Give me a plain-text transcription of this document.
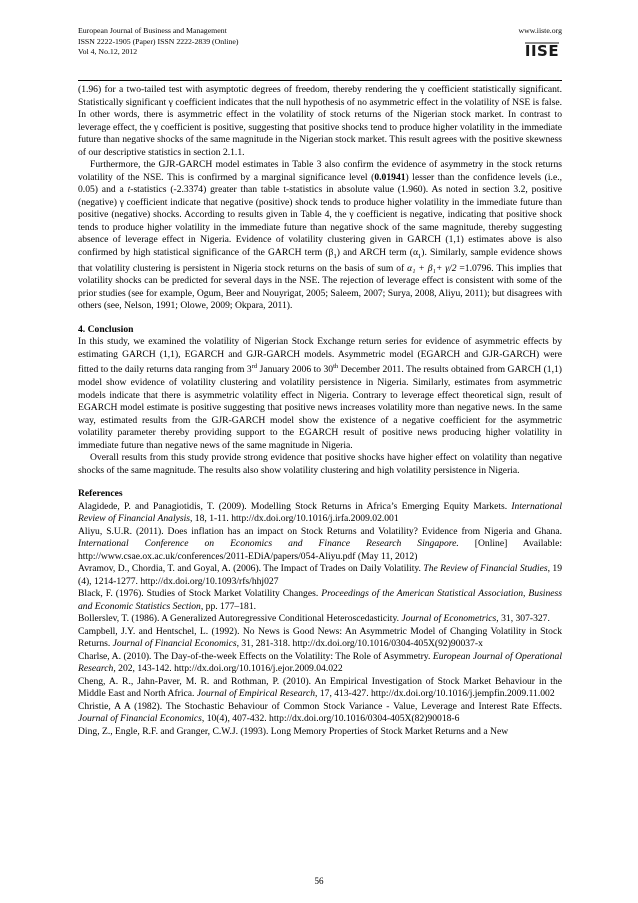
European Journal of Business and Management
ISSN 2222-1905 (Paper) ISSN 2222-2839 (Online)
Vol 4, No.12, 2012
www.iiste.org
IISE

(1.96) for a two-tailed test with asymptotic degrees of freedom, thereby rendering the γ coefficient statistically significant. Statistically significant γ coefficient indicates that the null hypothesis of no asymmetric effect in the volatility of NSE is false. In other words, there is asymmetric effect in the volatility of stock returns of the Nigerian stock market. In contrast to leverage effect, the γ coefficient is positive, suggesting that positive shocks tend to produce higher volatility in the immediate future than negative shocks of the same magnitude in the Nigerian stock market. This result agrees with the positive skewness of our descriptive statistics in section 2.1.1.

Furthermore, the GJR-GARCH model estimates in Table 3 also confirm the evidence of asymmetry in the stock returns volatility of the NSE. This is confirmed by a marginal significance level (0.01941) lesser than the confidence levels (i.e., 0.05) and a t-statistics (-2.3374) greater than table t-statistics in absolute value (1.960). As noted in section 3.2, positive (negative) γ coefficient indicate that negative (positive) shock tends to produce higher volatility in the immediate future than positive (negative) shocks. According to results given in Table 4, the γ coefficient is negative, indicating that positive shock tends to produce higher volatility in the immediate future than negative shock of the same magnitude, thereby suggesting absence of leverage effect in Nigeria. Evidence of volatility clustering given in GARCH (1,1) estimates above is also confirmed by high statistical significance of the GARCH term $(\beta_1)$ and ARCH term $(\alpha_1)$. Similarly, sample evidence shows that volatility clustering is persistent in Nigeria stock returns on the basis of sum of α₁ + β₁+ γ/2 =1.0796. This implies that volatility shocks can be predicted for several days in the NSE. The rejection of leverage effect is consistent with some of the prior studies (see for example, Ogum, Beer and Nouyrigat, 2005; Saleem, 2007; Surya, 2008, Aliyu, 2011); but disagrees with others (see, Nelson, 1991; Olowe, 2009; Okpara, 2011).

4. Conclusion

In this study, we examined the volatility of Nigerian Stock Exchange return series for evidence of asymmetric effects by estimating GARCH (1,1), EGARCH and GJR-GARCH models. Asymmetric model (EGARCH and GJR-GARCH) were fitted to the daily returns data ranging from 3rd January 2006 to 30th December 2011. The results obtained from GARCH (1,1) model show evidence of volatility clustering and volatility persistence in Nigeria. Similarly, estimates from asymmetric models indicate that there is asymmetric volatility effect in Nigeria. Contrary to leverage effect theoretical sign, result of EGARCH model estimate is positive suggesting that positive news increases volatility more than negative news. In the same way, estimated results from the GJR-GARCH model show the existence of a negative coefficient for the asymmetric volatility parameter thereby providing support to the EGARCH result of positive news producing higher volatility in immediate future than negative news of the same magnitude in Nigeria.

Overall results from this study provide strong evidence that positive shocks have higher effect on volatility than negative shocks of the same magnitude. The results also show volatility clustering and high volatility persistence in Nigeria.

References

Alagidede, P. and Panagiotidis, T. (2009). Modelling Stock Returns in Africa’s Emerging Equity Markets. International Review of Financial Analysis, 18, 1-11. http://dx.doi.org/10.1016/j.irfa.2009.02.001

Aliyu, S.U.R. (2011). Does inflation has an impact on Stock Returns and Volatility? Evidence from Nigeria and Ghana. International Conference on Economics and Finance Research Singapore. [Online] Available: http://www.csae.ox.ac.uk/conferences/2011-EDiA/papers/054-Aliyu.pdf (May 11, 2012)

Avramov, D., Chordia, T. and Goyal, A. (2006). The Impact of Trades on Daily Volatility. The Review of Financial Studies, 19 (4), 1214-1277. http://dx.doi.org/10.1093/rfs/hhj027

Black, F. (1976). Studies of Stock Market Volatility Changes. Proceedings of the American Statistical Association, Business and Economic Statistics Section, pp. 177–181.

Bollerslev, T. (1986). A Generalized Autoregressive Conditional Heteroscedasticity. Journal of Econometrics, 31, 307-327.

Campbell, J.Y. and Hentschel, L. (1992). No News is Good News: An Asymmetric Model of Changing Volatility in Stock Returns. Journal of Financial Economics, 31, 281-318. http://dx.doi.org/10.1016/0304-405X(92)90037-x

Charlse, A. (2010). The Day-of-the-week Effects on the Volatility: The Role of Asymmetry. European Journal of Operational Research, 202, 143-142. http://dx.doi.org/10.1016/j.ejor.2009.04.022

Cheng, A. R., Jahn-Paver, M. R. and Rothman, P. (2010). An Empirical Investigation of Stock Market Behaviour in the Middle East and North Africa. Journal of Empirical Research, 17, 413-427. http://dx.doi.org/10.1016/j.jempfin.2009.11.002

Christie, A A (1982). The Stochastic Behaviour of Common Stock Variance - Value, Leverage and Interest Rate Effects. Journal of Financial Economics, 10(4), 407-432. http://dx.doi.org/10.1016/0304-405X(82)90018-6

Ding, Z., Engle, R.F. and Granger, C.W.J. (1993). Long Memory Properties of Stock Market Returns and a New

56
